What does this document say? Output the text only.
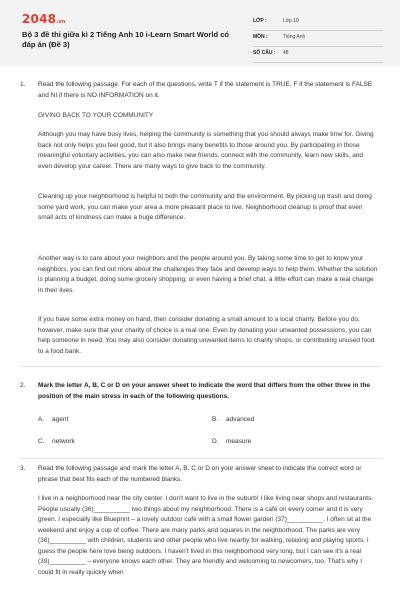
2048.vn
Bộ 3 đề thi giữa kì 2 Tiếng Anh 10 i-Learn Smart World có đáp án (Đề 3)
LỚP :	Lớp 10
MÔN :	Tiếng Anh
SỐ CÂU : 48
1. Read the following passage. For each of the questions, write T if the statement is TRUE, F if the statement is FALSE and NI if there is NO INFORMATION on it.
GIVING BACK TO YOUR COMMUNITY
Although you may have busy lives, helping the community is something that you should always make time for. Giving back not only helps you feel good, but it also brings many benefits to those around you. By participating in those meaningful voluntary activities, you can also make new friends, connect with the community, learn new skills, and even develop your career. There are many ways to give back to the community.
Cleaning up your neighborhood is helpful to both the community and the environment. By picking up trash and doing some yard work, you can make your area a more pleasant place to live. Neighborhood cleanup is proof that even small acts of kindness can make a huge difference.
Another way is to care about your neighbors and the people around you. By taking some time to get to know your neighbors, you can find out more about the challenges they face and develop ways to help them. Whether the solution is planning a budget, doing some grocery shopping, or even having a brief chat, a little effort can make a real change in their lives.
If you have some extra money on hand, then consider donating a small amount to a local charity. Before you do, however, make sure that your charity of choice is a real one. Even by donating your unwanted possessions, you can help someone in need. You may also consider donating unwanted items to charity shops, or contributing unused food to a food bank.
2. Mark the letter A, B, C or D on your answer sheet to indicate the word that differs from the other three in the position of the main stress in each of the following questions.
A. agent	B. advanced
C. network	D. measure
3. Read the following passage and mark the letter A, B, C or D on your answer sheet to indicate the correct word or phrase that best fits each of the numbered blanks.
I live in a neighborhood near the city center. I don't want to live in the suburb! I like living near shops and restaurants. People usually (36)__________ two things about my neighborhood. There is a café on every corner and it is very green. I especially like Blueprint – a lovely outdoor café with a small flower garden (37)__________. I often sit at the weekend and enjoy a cup of coffee. There are many parks and squares in the neighborhood. The parks are very (38)__________ with children, students and other people who live nearby for walking, relaxing and playing sports. I guess the people here love being outdoors. I haven't lived in this neighborhood very long, but I can see it's a real (39)__________ – everyone knows each other. They are friendly and welcoming to newcomers, too. That's why I could fit in really quickly when
